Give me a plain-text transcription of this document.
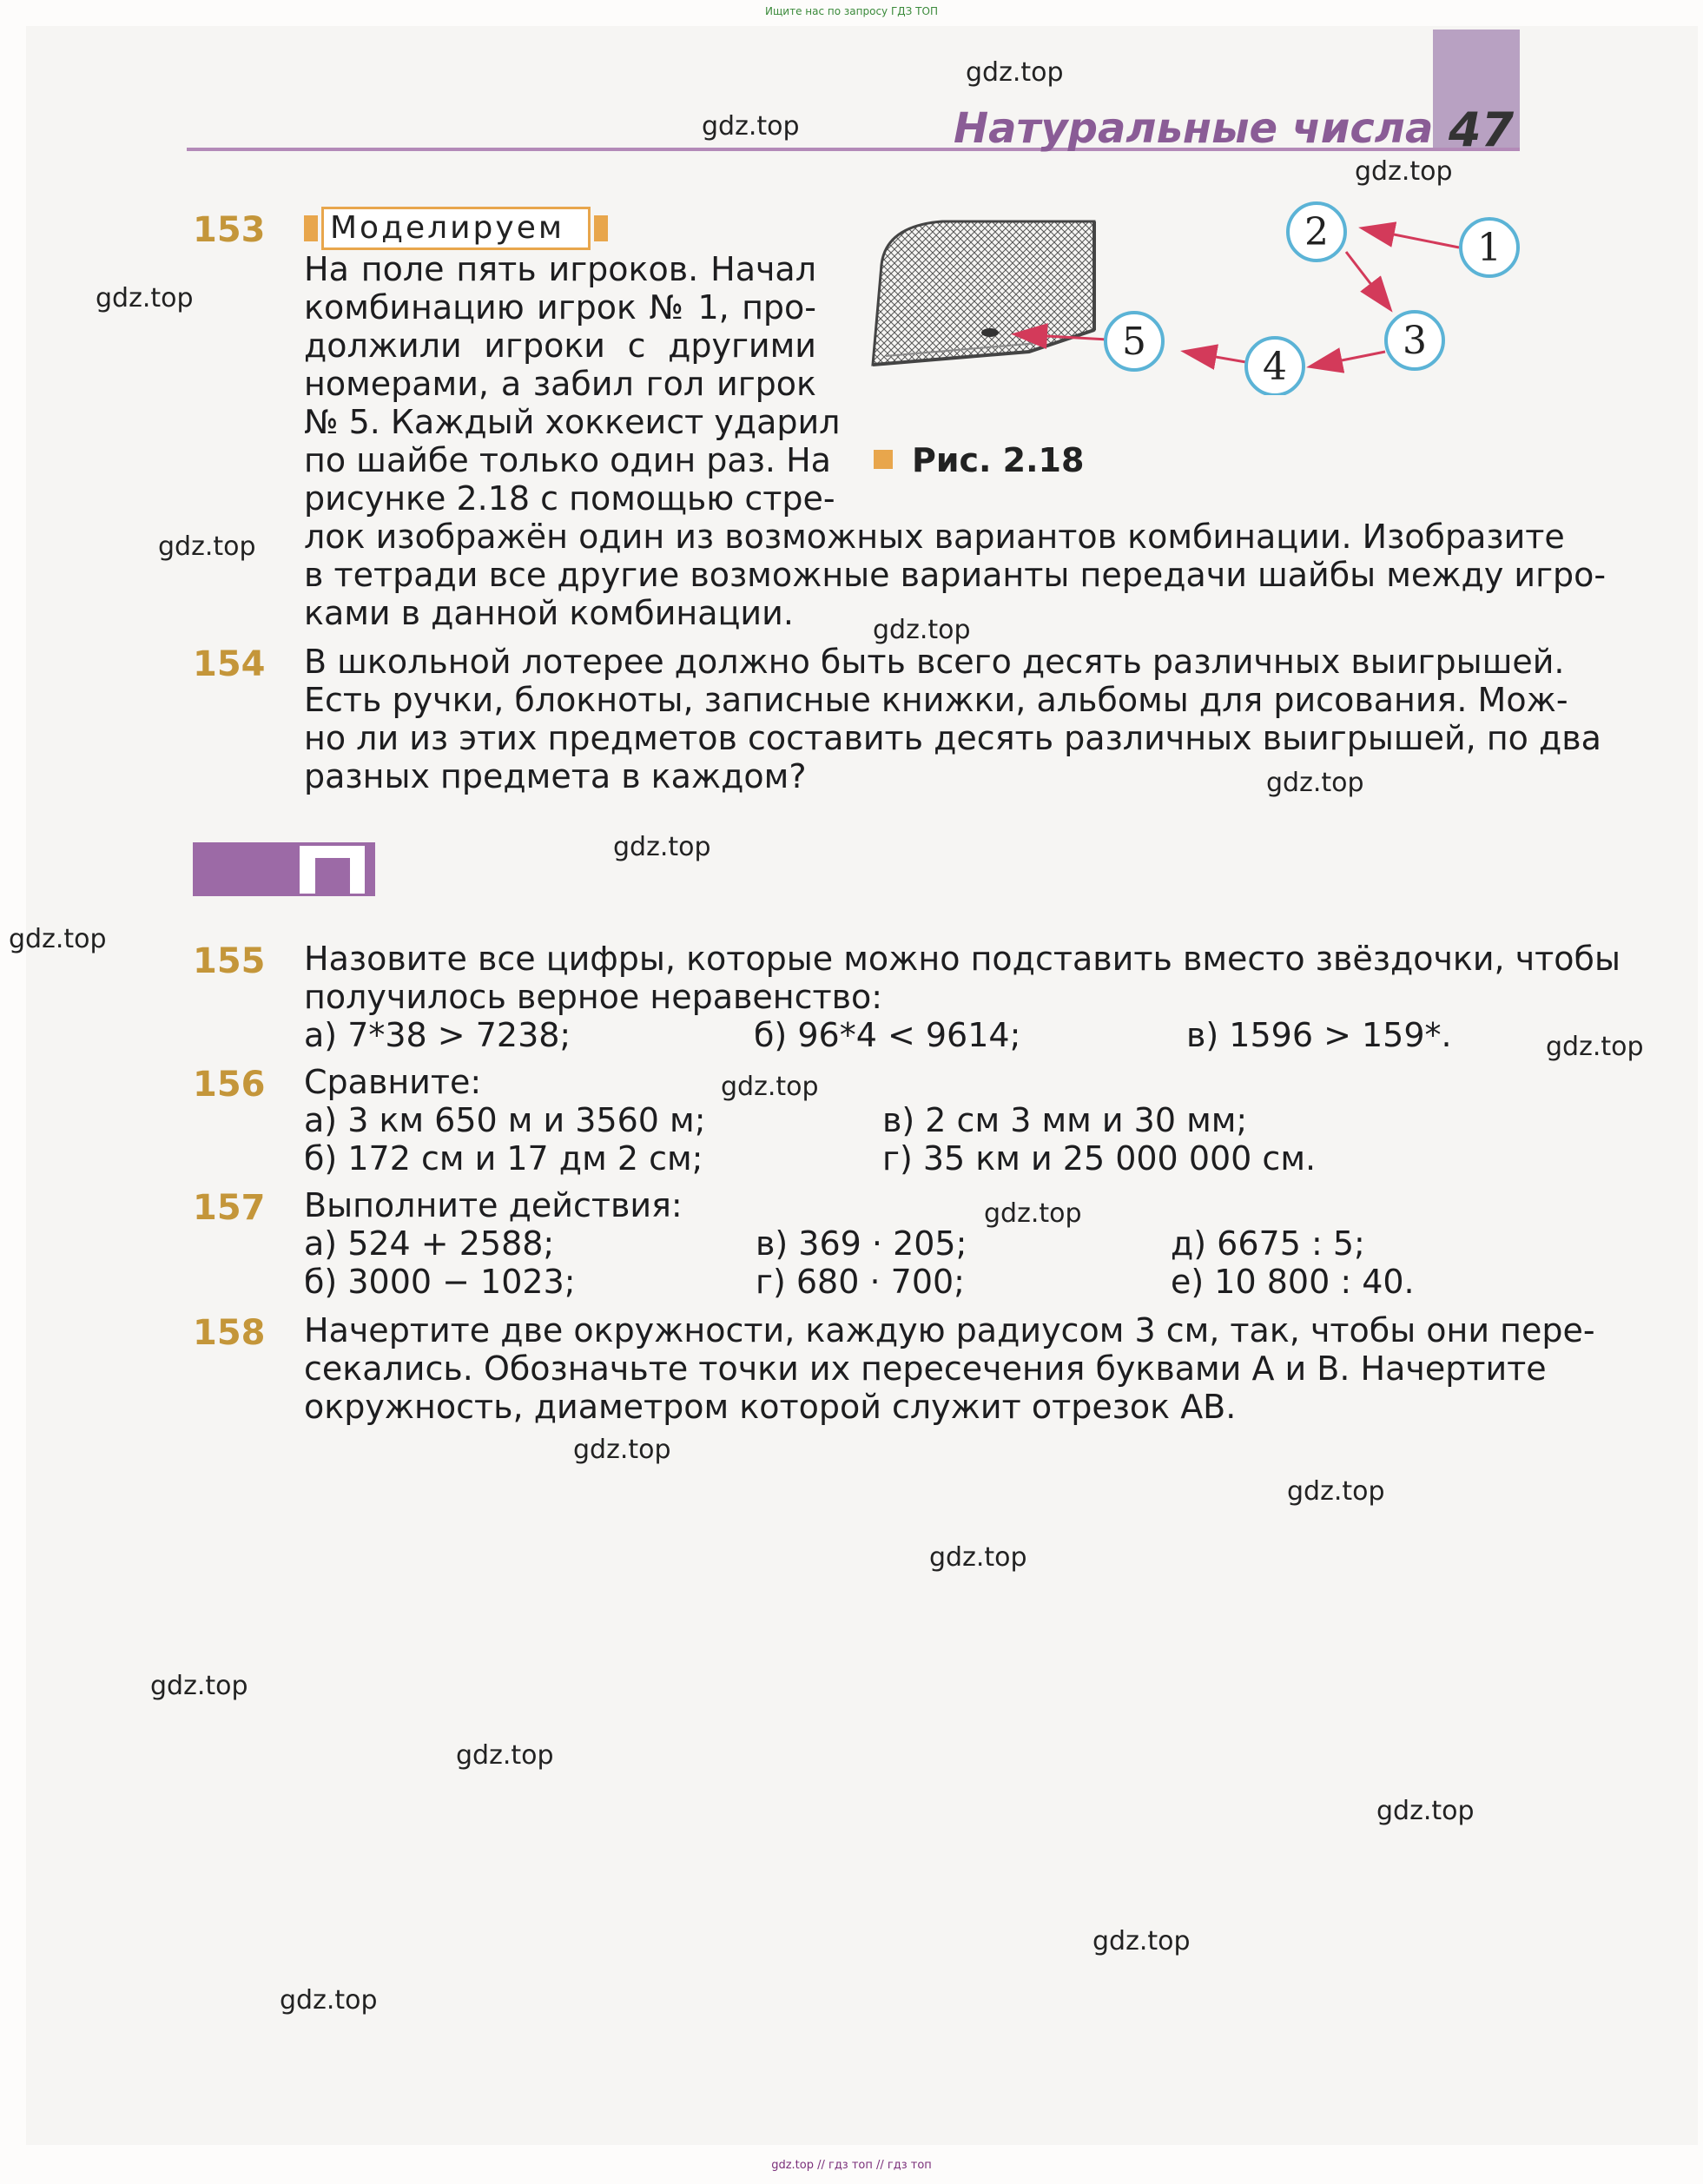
Ищите нас по запросу ГДЗ ТОП
Натуральные числа 47
153 Моделируем
На поле пять игроков. Начал
комбинацию игрок № 1, про-
должили игроки с другими
номерами, а забил гол игрок
№ 5. Каждый хоккеист ударил
по шайбе только один раз. На
рисунке 2.18 с помощью стре-
лок изображён один из возможных вариантов комбинации. Изобразите
в тетради все другие возможные варианты передачи шайбы между игро-
ками в данной комбинации.
1
2
3
4
5
Рис. 2.18
154 В школьной лотерее должно быть всего десять различных выигрышей.
Есть ручки, блокноты, записные книжки, альбомы для рисования. Мож-
но ли из этих предметов составить десять различных выигрышей, по два
разных предмета в каждом?
155 Назовите все цифры, которые можно подставить вместо звёздочки, чтобы
получилось верное неравенство:
а) 7*38 > 7238;	б) 96*4 < 9614;	в) 1596 > 159*.
156 Сравните:
а) 3 км 650 м и 3560 м;
б) 172 см и 17 дм 2 см;
в) 2 см 3 мм и 30 мм;
г) 35 км и 25 000 000 см.
157 Выполните действия:
а) 524 + 2588;
б) 3000 − 1023;
в) 369 · 205;
г) 680 · 700;
д) 6675 : 5;
е) 10 800 : 40.
158 Начертите две окружности, каждую радиусом 3 см, так, чтобы они пере-
секались. Обозначьте точки их пересечения буквами A и B. Начертите
окружность, диаметром которой служит отрезок AB.
gdz.top
gdz.top
gdz.top
gdz.top
gdz.top
gdz.top
gdz.top
gdz.top
gdz.top
gdz.top
gdz.top
gdz.top
gdz.top
gdz.top
gdz.top
gdz.top
gdz.top
gdz.top
gdz.top
gdz.top
gdz.top // гдз топ // гдз топ
